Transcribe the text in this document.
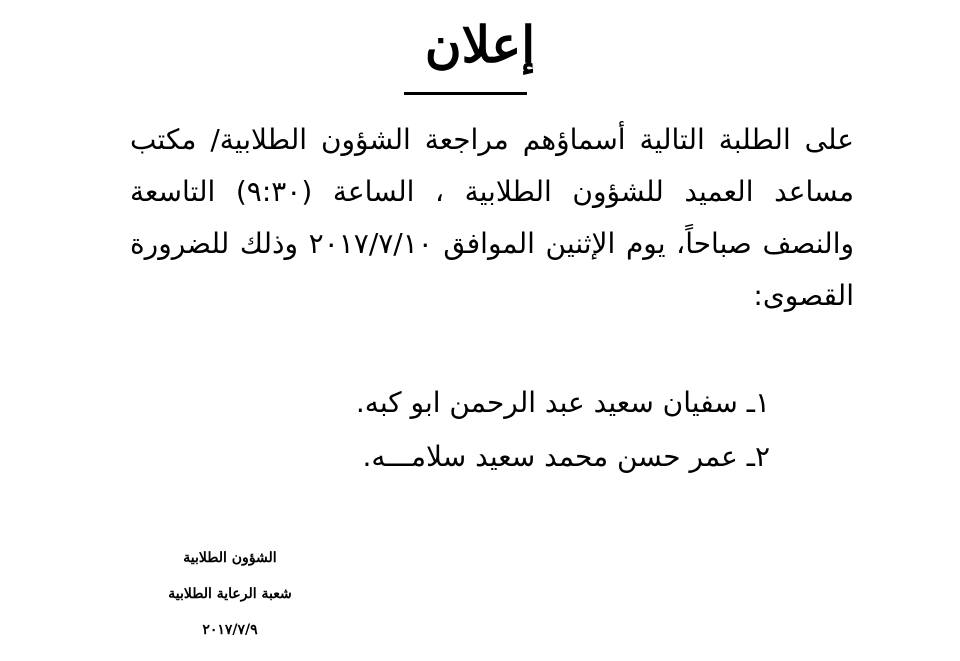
إعلان
على الطلبة التالية أسماؤهم مراجعة الشؤون الطلابية/ مكتب مساعد العميد للشؤون الطلابية ، الساعة (٩:٣٠) التاسعة والنصف صباحاً، يوم الإثنين الموافق ٢٠١٧/٧/١٠ وذلك للضرورة القصوى:
١ـ سفيان سعيد عبد الرحمن ابو كبه.
٢ـ عمر حسن محمد سعيد سلامـــه.
الشؤون الطلابية
شعبة الرعاية الطلابية
٢٠١٧/٧/٩
